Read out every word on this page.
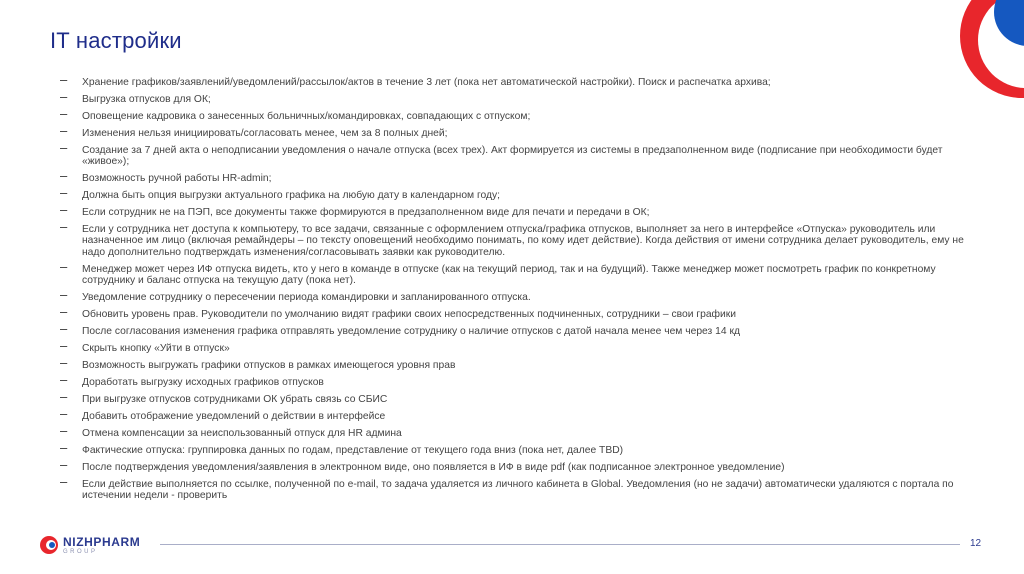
IT настройки
– Хранение графиков/заявлений/уведомлений/рассылок/актов в течение 3 лет (пока нет автоматической настройки). Поиск и распечатка архива;
– Выгрузка отпусков для ОК;
– Оповещение кадровика о занесенных больничных/командировках, совпадающих с отпуском;
– Изменения нельзя инициировать/согласовать менее, чем за 8 полных дней;
– Создание за 7 дней акта о неподписании уведомления о начале отпуска (всех трех). Акт формируется из системы в предзаполненном виде (подписание при необходимости будет «живое»);
– Возможность ручной работы HR-admin;
– Должна быть опция выгрузки актуального графика на любую дату в календарном году;
– Если сотрудник не на ПЭП, все документы также формируются в предзаполненном виде для печати и передачи в ОК;
– Если у сотрудника нет доступа к компьютеру, то все задачи, связанные с оформлением отпуска/графика отпусков, выполняет за него в интерфейсе «Отпуска» руководитель или назначенное им лицо (включая ремайндеры – по тексту оповещений необходимо понимать, по кому идет действие). Когда действия от имени сотрудника делает руководитель, ему не надо дополнительно подтверждать изменения/согласовывать заявки как руководителю.
– Менеджер может через ИФ отпуска видеть, кто у него в команде в отпуске (как на текущий период, так и на будущий). Также менеджер может посмотреть график по конкретному сотруднику и баланс отпуска на текущую дату (пока нет).
– Уведомление сотруднику о пересечении периода командировки и запланированного отпуска.
– Обновить уровень прав. Руководители по умолчанию видят графики своих непосредственных подчиненных, сотрудники – свои графики
– После согласования изменения графика отправлять уведомление сотруднику о наличие отпусков с датой начала менее чем через 14 кд
– Скрыть кнопку «Уйти в отпуск»
– Возможность выгружать графики отпусков в рамках имеющегося уровня прав
– Доработать выгрузку исходных графиков отпусков
– При выгрузке отпусков сотрудниками ОК убрать связь со СБИС
– Добавить отображение уведомлений о действии в интерфейсе
– Отмена компенсации за неиспользованный отпуск для HR админа
– Фактические отпуска: группировка данных по годам, представление от текущего года вниз (пока нет, далее TBD)
– После подтверждения уведомления/заявления в электронном виде, оно появляется в ИФ в виде pdf (как подписанное электронное уведомление)
– Если действие выполняется по ссылке, полученной по e-mail, то задача удаляется из личного кабинета в Global. Уведомления (но не задачи) автоматически удаляются с портала по истечении недели - проверить
NIZHPHARM
GROUP
12
